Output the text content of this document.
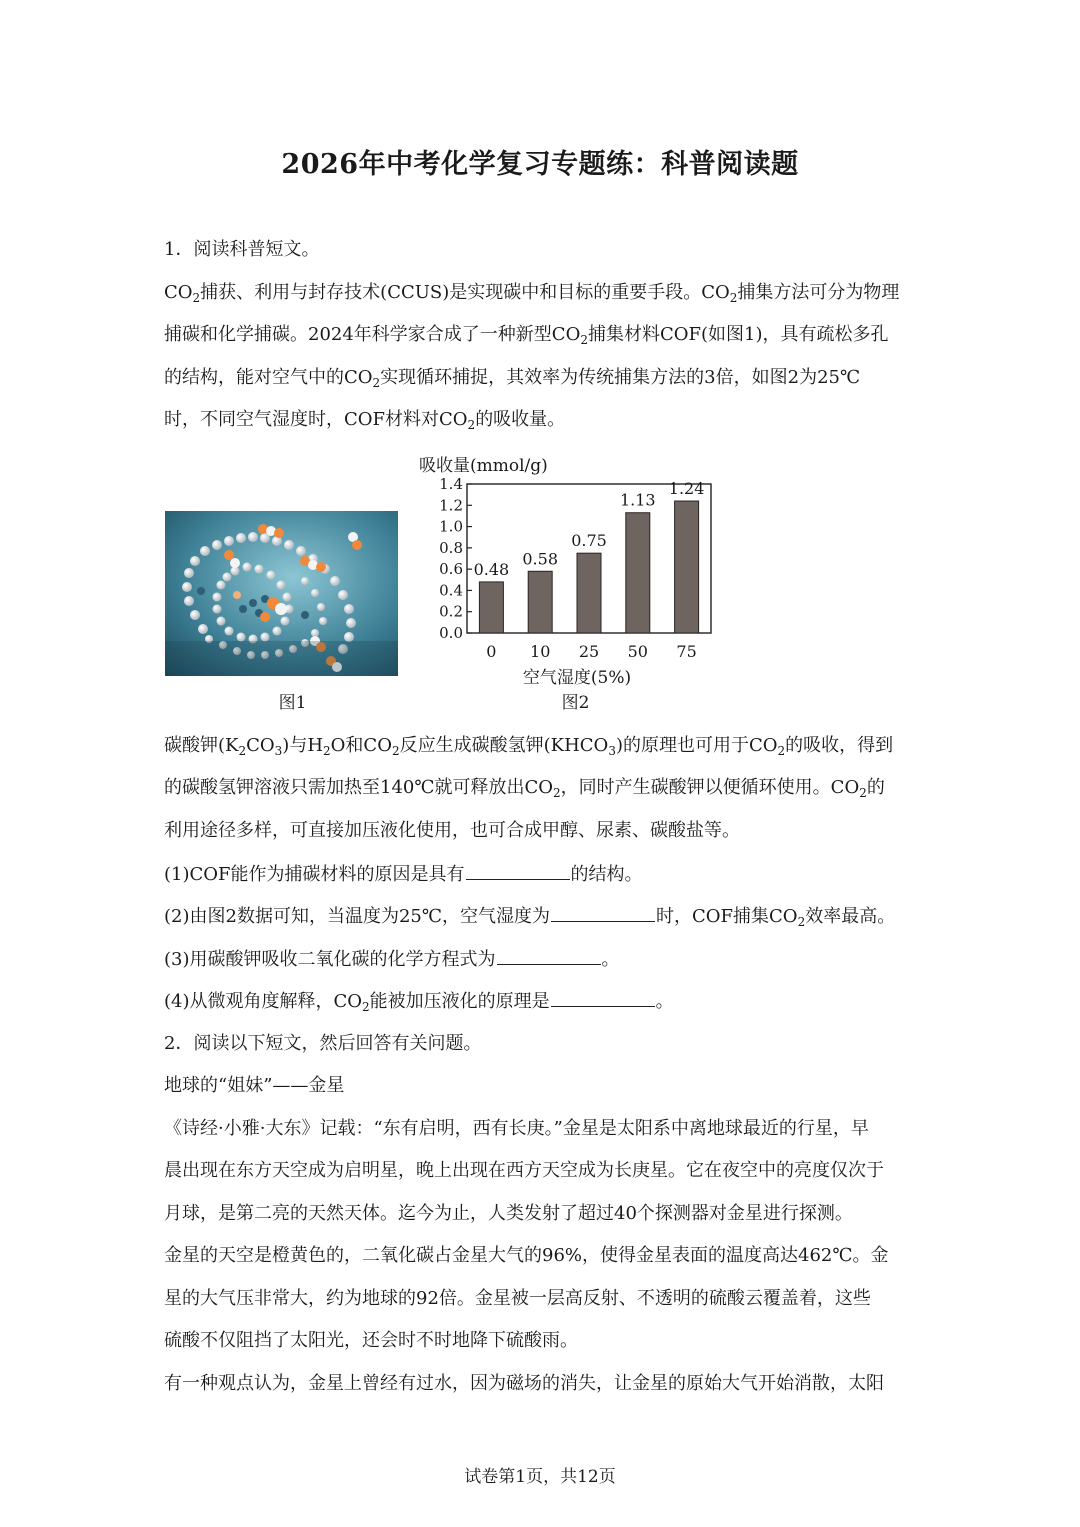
2026年中考化学复习专题练：科普阅读题
1．阅读科普短文。
$CO_2$捕获、利用与封存技术(CCUS)是实现碳中和目标的重要手段。$CO_2$捕集方法可分为物理
捕碳和化学捕碳。2024年科学家合成了一种新型$CO_2$捕集材料COF(如图1)，具有疏松多孔
的结构，能对空气中的$CO_2$实现循环捕捉，其效率为传统捕集方法的3倍，如图2为25℃
时，不同空气湿度时，COF材料对$CO_2$的吸收量。
图1
吸收量(mmol/g)
空气湿度(5%)
0.0
0.2
0.4
0.6
0.8
1.0
1.2
1.4
0 10 25 50 75
0.48
0.58
0.75
1.13
1.24
图2
碳酸钾$(K_2CO_3)$与$H_2O$和$CO_2$反应生成碳酸氢钾$(KHCO_3)$的原理也可用于$CO_2$的吸收，得到
的碳酸氢钾溶液只需加热至140℃就可释放出$CO_2$，同时产生碳酸钾以便循环使用。$CO_2$的
利用途径多样，可直接加压液化使用，也可合成甲醇、尿素、碳酸盐等。
(1)COF能作为捕碳材料的原因是具有	的结构。
(2)由图2数据可知，当温度为25℃，空气湿度为	时，COF捕集$CO_2$效率最高。
(3)用碳酸钾吸收二氧化碳的化学方程式为	。
(4)从微观角度解释，$CO_2$能被加压液化的原理是	。
2．阅读以下短文，然后回答有关问题。
地球的“姐妹”——金星
《诗经·小雅·大东》记载：“东有启明，西有长庚。”金星是太阳系中离地球最近的行星，早
晨出现在东方天空成为启明星，晚上出现在西方天空成为长庚星。它在夜空中的亮度仅次于
月球，是第二亮的天然天体。迄今为止，人类发射了超过40个探测器对金星进行探测。
金星的天空是橙黄色的，二氧化碳占金星大气的96%，使得金星表面的温度高达462℃。金
星的大气压非常大，约为地球的92倍。金星被一层高反射、不透明的硫酸云覆盖着，这些
硫酸不仅阻挡了太阳光，还会时不时地降下硫酸雨。
有一种观点认为，金星上曾经有过水，因为磁场的消失，让金星的原始大气开始消散，太阳
试卷第1页，共12页
